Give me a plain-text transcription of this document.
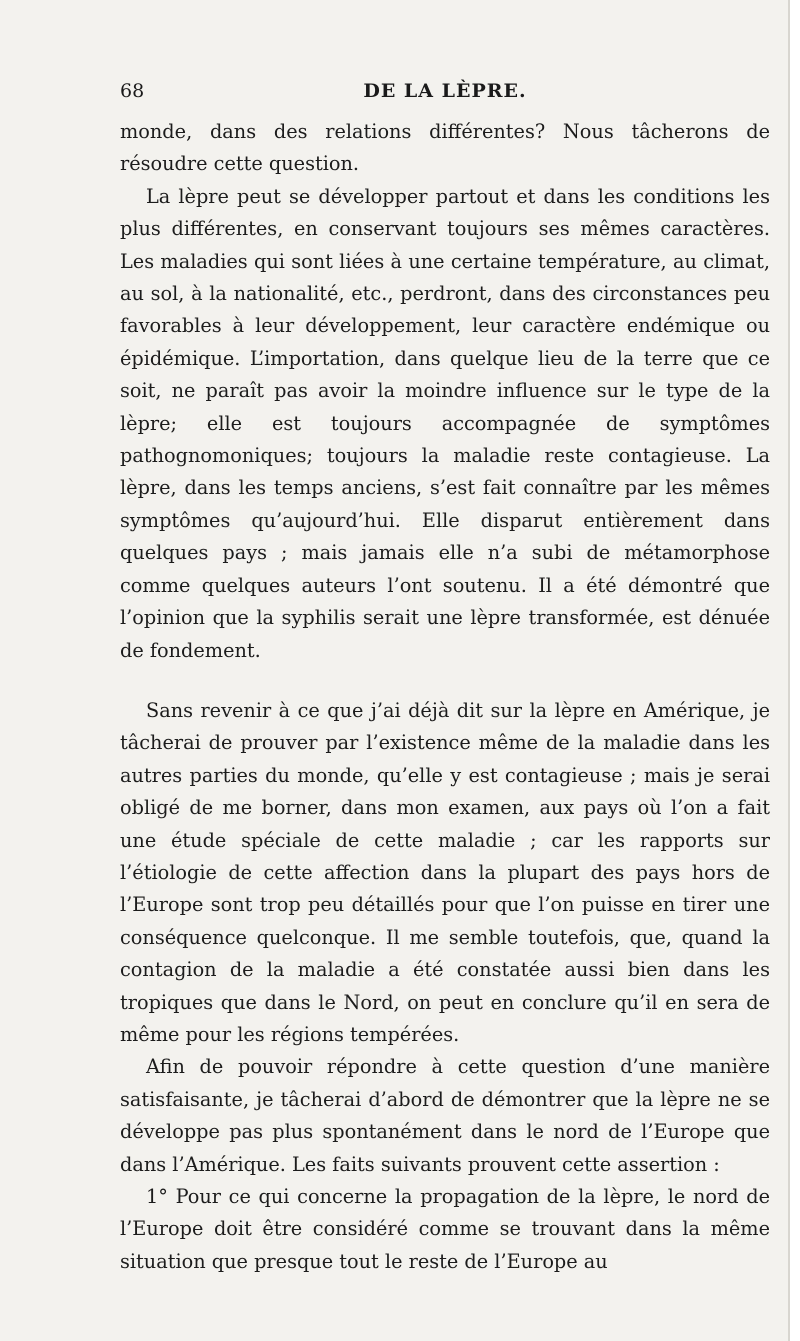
68	DE LA LÈPRE.

monde, dans des relations différentes? Nous tâcherons de résoudre cette question.

La lèpre peut se développer partout et dans les conditions les plus différentes, en conservant toujours ses mêmes caractères. Les maladies qui sont liées à une certaine température, au climat, au sol, à la nationalité, etc., perdront, dans des circonstances peu favorables à leur développement, leur caractère endémique ou épidémique. L’importation, dans quelque lieu de la terre que ce soit, ne paraît pas avoir la moindre influence sur le type de la lèpre; elle est toujours accompagnée de symptômes pathognomoniques; toujours la maladie reste contagieuse. La lèpre, dans les temps anciens, s’est fait connaître par les mêmes symptômes qu’aujourd’hui. Elle disparut entièrement dans quelques pays ; mais jamais elle n’a subi de métamorphose comme quelques auteurs l’ont soutenu. Il a été démontré que l’opinion que la syphilis serait une lèpre transformée, est dénuée de fondement.

Sans revenir à ce que j’ai déjà dit sur la lèpre en Amérique, je tâcherai de prouver par l’existence même de la maladie dans les autres parties du monde, qu’elle y est contagieuse ; mais je serai obligé de me borner, dans mon examen, aux pays où l’on a fait une étude spéciale de cette maladie ; car les rapports sur l’étiologie de cette affection dans la plupart des pays hors de l’Europe sont trop peu détaillés pour que l’on puisse en tirer une conséquence quelconque. Il me semble toutefois, que, quand la contagion de la maladie a été constatée aussi bien dans les tropiques que dans le Nord, on peut en conclure qu’il en sera de même pour les régions tempérées.

Afin de pouvoir répondre à cette question d’une manière satisfaisante, je tâcherai d’abord de démontrer que la lèpre ne se développe pas plus spontanément dans le nord de l’Europe que dans l’Amérique. Les faits suivants prouvent cette assertion :

1° Pour ce qui concerne la propagation de la lèpre, le nord de l’Europe doit être considéré comme se trouvant dans la même situation que presque tout le reste de l’Europe au
